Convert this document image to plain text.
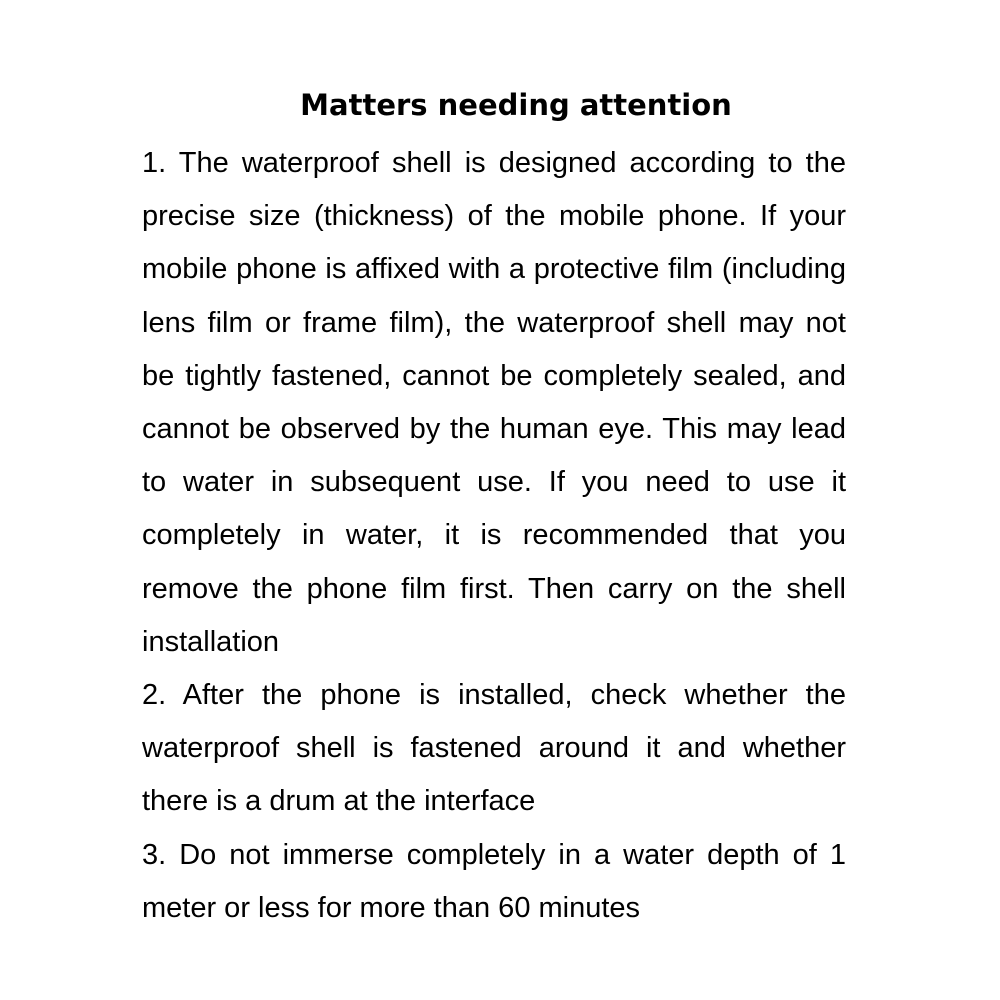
Matters needing attention

1. The waterproof shell is designed according to the precise size (thickness) of the mobile phone. If your mobile phone is affixed with a protective film (including lens film or frame film), the waterproof shell may not be tightly fastened, cannot be completely sealed, and cannot be observed by the human eye. This may lead to water in subsequent use. If you need to use it completely in water, it is recommended that you remove the phone film first. Then carry on the shell installation

2. After the phone is installed, check whether the waterproof shell is fastened around it and whether there is a drum at the interface

3. Do not immerse completely in a water depth of 1 meter or less for more than 60 minutes
